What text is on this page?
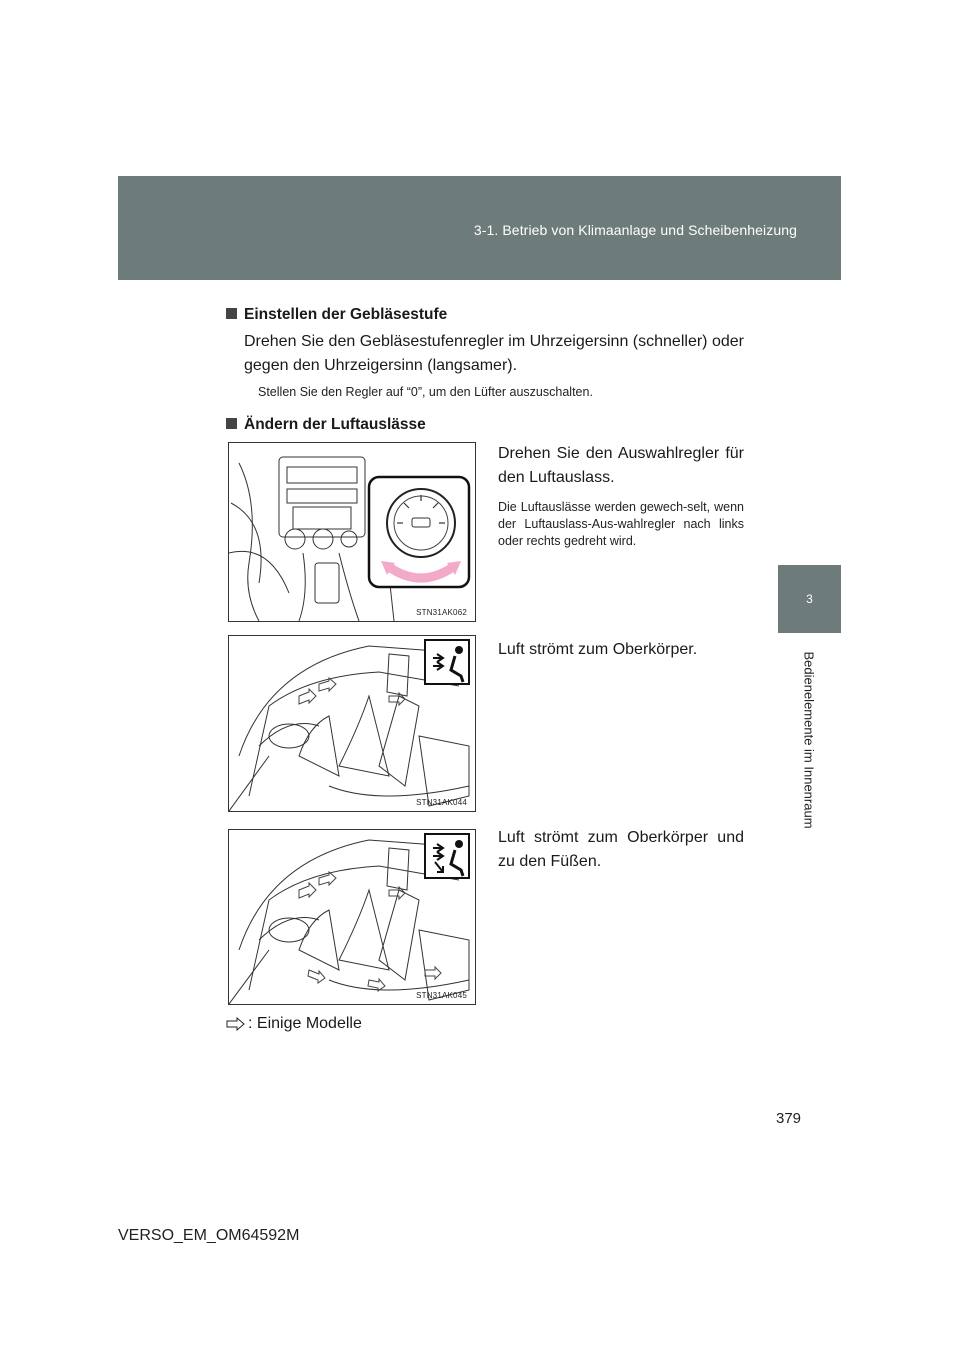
3-1. Betrieb von Klimaanlage und Scheibenheizung
3
Bedienelemente im Innenraum
Einstellen der Gebläsestufe
Drehen Sie den Gebläsestufenregler im Uhrzeigersinn (schneller) oder gegen den Uhrzeigersinn (langsamer).
Stellen Sie den Regler auf “0”, um den Lüfter auszuschalten.
Ändern der Luftauslässe
Drehen Sie den Auswahlregler für den Luftauslass.
Die Luftauslässe werden gewech-selt, wenn der Luftauslass-Aus-wahlregler nach links oder rechts gedreht wird.
STN31AK062
Luft strömt zum Oberkörper.
STN31AK044
Luft strömt zum Oberkörper und zu den Füßen.
STN31AK045
: Einige Modelle
379
VERSO_EM_OM64592M
